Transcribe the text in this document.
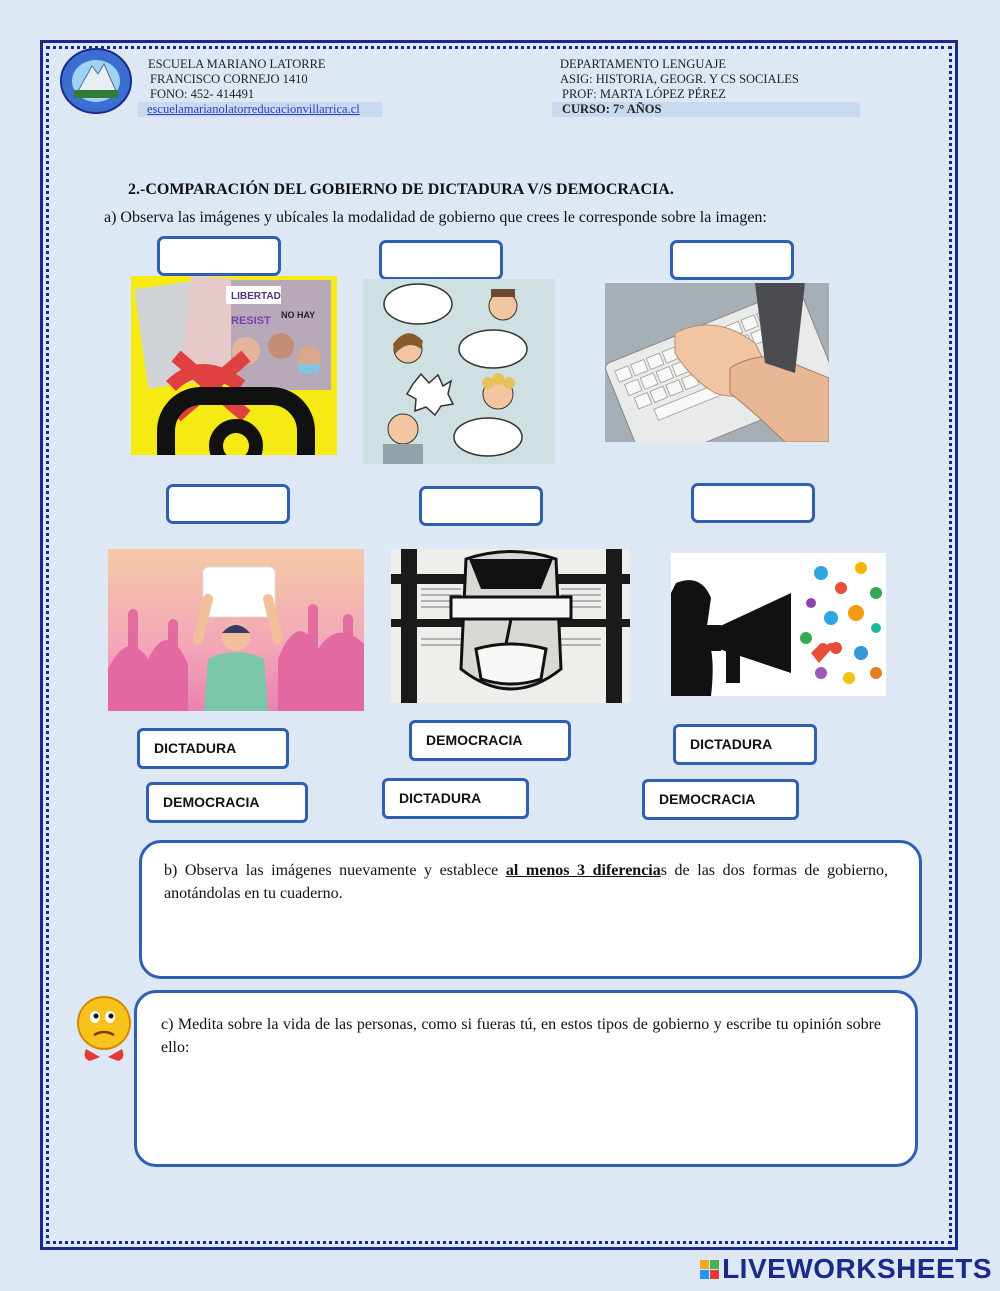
ESCUELA MARIANO LATORRE
FRANCISCO CORNEJO 1410
FONO: 452- 414491
escuelamarianolatorreducacionvillarrica.cl
DEPARTAMENTO LENGUAJE
ASIG: HISTORIA, GEOGR. Y CS SOCIALES
PROF: MARTA LÓPEZ PÉREZ
CURSO: 7° AÑOS
2.-COMPARACIÓN DEL GOBIERNO DE DICTADURA V/S DEMOCRACIA.
a) Observa las imágenes y ubícales la modalidad de gobierno que crees le corresponde sobre la imagen:
LIBERTAD
RESIST NO HAY
DICTADURA	DEMOCRACIA	DICTADURA
DEMOCRACIA	DICTADURA	DEMOCRACIA
b) Observa las imágenes nuevamente y establece al menos 3 diferencias de las dos formas de gobierno, anotándolas en tu cuaderno.
c) Medita sobre la vida de las personas, como si fueras tú, en estos tipos de gobierno y escribe tu opinión sobre ello:
LIVEWORKSHEETS
